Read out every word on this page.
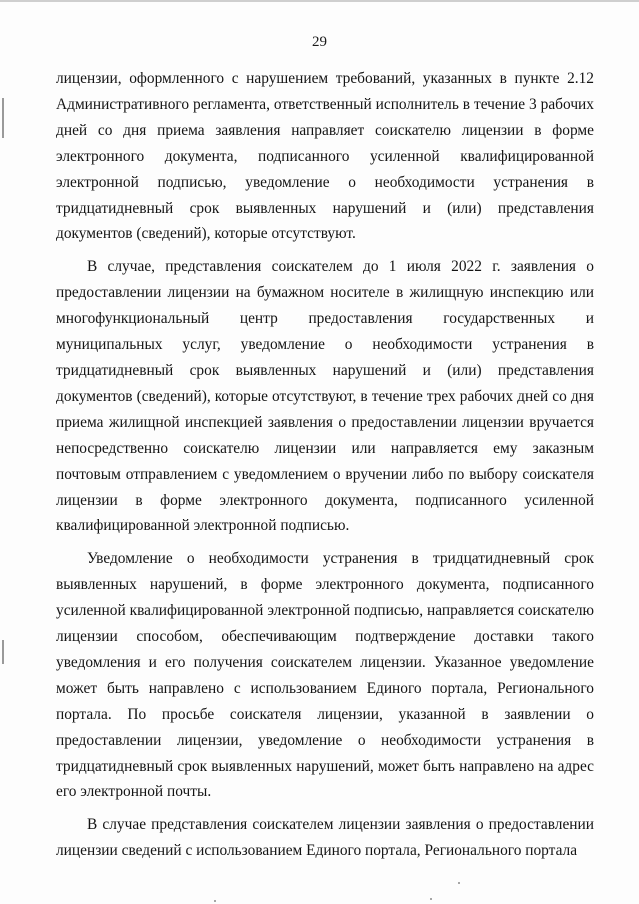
29

лицензии, оформленного с нарушением требований, указанных в пункте 2.12 Административного регламента, ответственный исполнитель в течение 3 рабочих дней со дня приема заявления направляет соискателю лицензии в форме электронного документа, подписанного усиленной квалифицированной электронной подписью, уведомление о необходимости устранения в тридцатидневный срок выявленных нарушений и (или) представления документов (сведений), которые отсутствуют.

В случае, представления соискателем до 1 июля 2022 г. заявления о предоставлении лицензии на бумажном носителе в жилищную инспекцию или многофункциональный центр предоставления государственных и муниципальных услуг, уведомление о необходимости устранения в тридцатидневный срок выявленных нарушений и (или) представления документов (сведений), которые отсутствуют, в течение трех рабочих дней со дня приема жилищной инспекцией заявления о предоставлении лицензии вручается непосредственно соискателю лицензии или направляется ему заказным почтовым отправлением с уведомлением о вручении либо по выбору соискателя лицензии в форме электронного документа, подписанного усиленной квалифицированной электронной подписью.

Уведомление о необходимости устранения в тридцатидневный срок выявленных нарушений, в форме электронного документа, подписанного усиленной квалифицированной электронной подписью, направляется соискателю лицензии способом, обеспечивающим подтверждение доставки такого уведомления и его получения соискателем лицензии. Указанное уведомление может быть направлено с использованием Единого портала, Регионального портала. По просьбе соискателя лицензии, указанной в заявлении о предоставлении лицензии, уведомление о необходимости устранения в тридцатидневный срок выявленных нарушений, может быть направлено на адрес его электронной почты.

В случае представления соискателем лицензии заявления о предоставлении лицензии сведений с использованием Единого портала, Регионального портала
